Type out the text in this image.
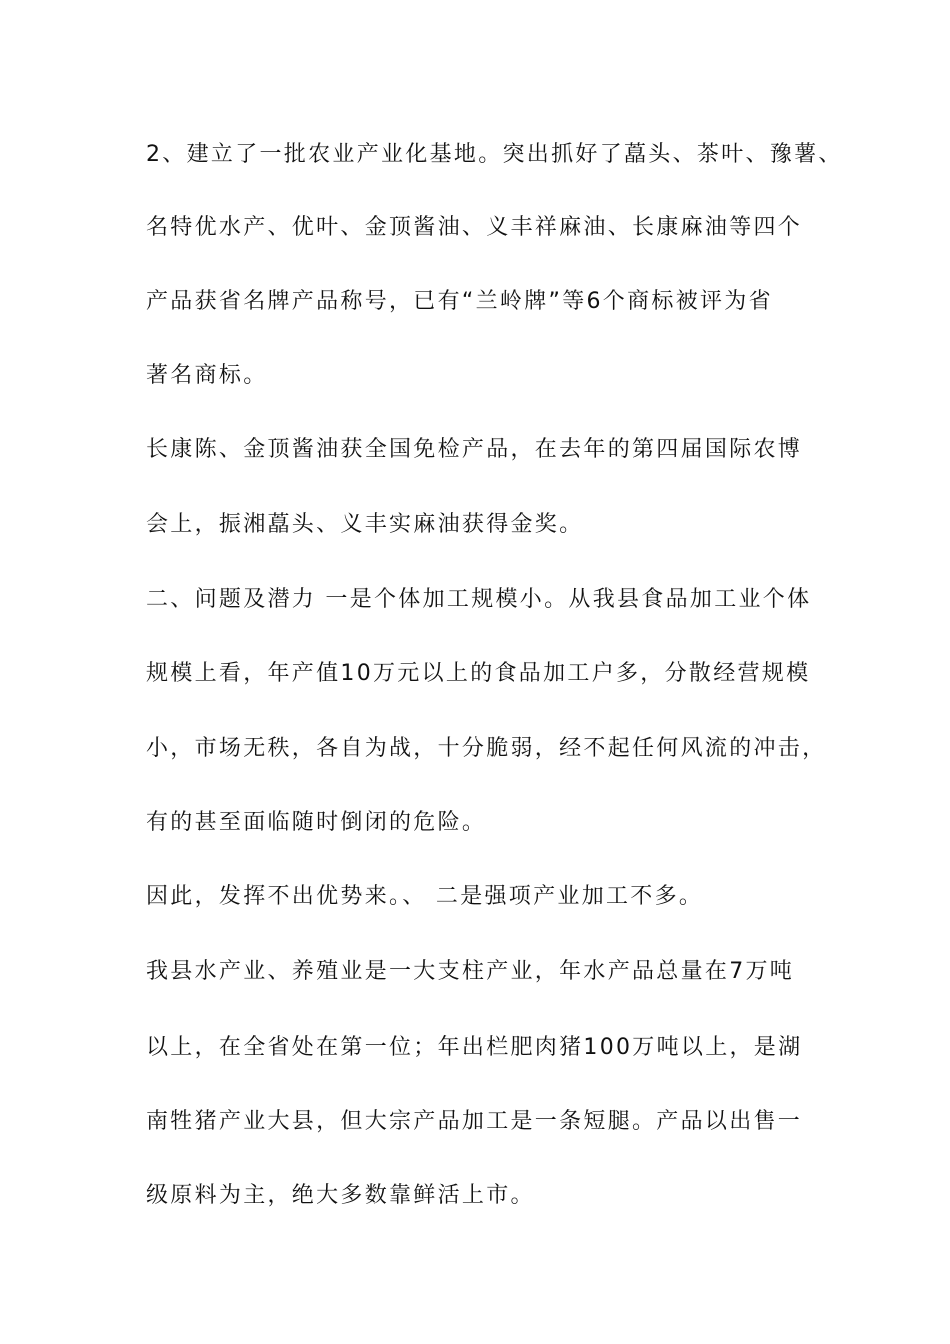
2、建立了一批农业产业化基地。突出抓好了藠头、茶叶、豫薯、
名特优水产、优叶、金顶酱油、义丰祥麻油、长康麻油等四个
产品获省名牌产品称号，已有“兰岭牌”等6个商标被评为省
著名商标。
长康陈、金顶酱油获全国免检产品，在去年的第四届国际农博
会上，振湘藠头、义丰实麻油获得金奖。
二、问题及潜力 一是个体加工规模小。从我县食品加工业个体
规模上看，年产值10万元以上的食品加工户多，分散经营规模
小，市场无秩，各自为战，十分脆弱，经不起任何风流的冲击，
有的甚至面临随时倒闭的危险。
因此，发挥不出优势来。、 二是强项产业加工不多。
我县水产业、养殖业是一大支柱产业，年水产品总量在7万吨
以上，在全省处在第一位；年出栏肥肉猪100万吨以上，是湖
南牲猪产业大县，但大宗产品加工是一条短腿。产品以出售一
级原料为主，绝大多数靠鲜活上市。
